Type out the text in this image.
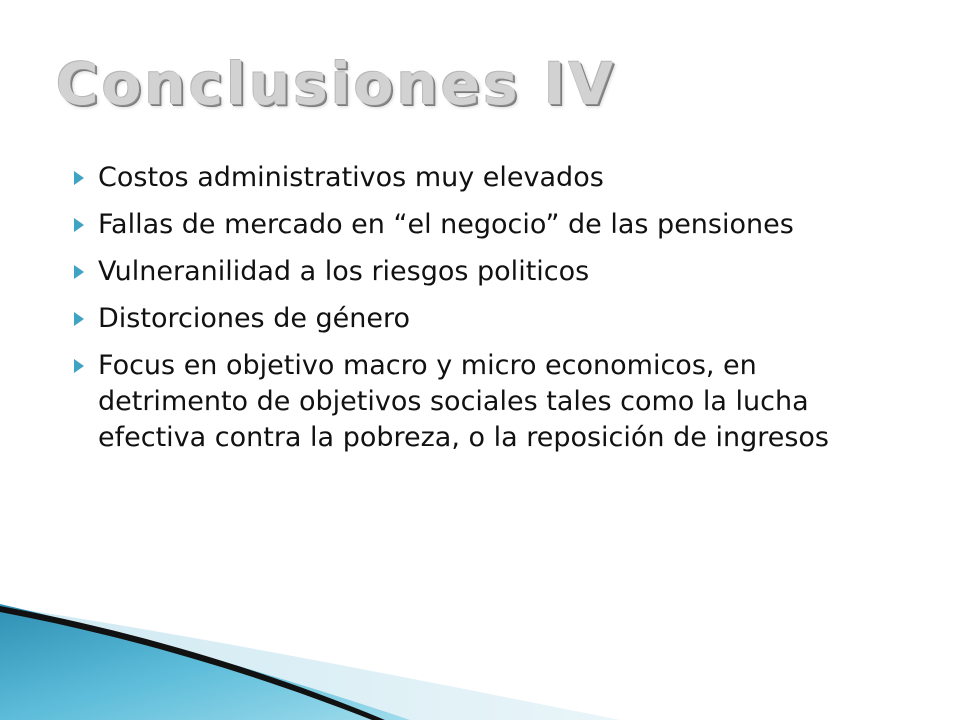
Conclusiones IV
Costos administrativos muy elevados
Fallas de mercado en “el negocio” de las pensiones
Vulneranilidad a los riesgos politicos
Distorciones de género
Focus en objetivo macro y micro economicos, en detrimento de objetivos sociales tales como la lucha efectiva contra la pobreza, o la reposición de ingresos
